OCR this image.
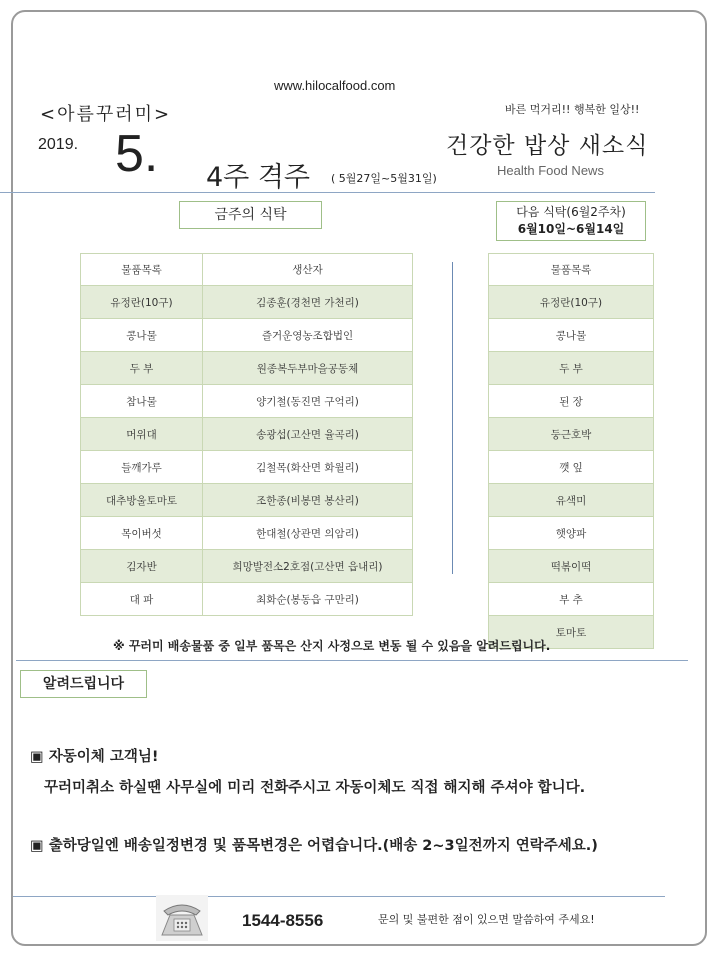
www.hilocalfood.com
<아름꾸러미>	바른 먹거리!! 행복한 일상!!
2019. 5.	건강한 밥상 새소식
Health Food News
4주 격주 ( 5월27일~5월31일)
금주의 식탁	다음 식탁(6월2주차)
6월10일~6월14일
물품목록	생산자
유정란(10구)	김종훈(경천면 가천리)
콩나물	즐거운영농조합법인
두 부	원종복두부마을공동체
참나물	양기철(동진면 구억리)
머위대	송광섭(고산면 율곡리)
들깨가루	김철목(화산면 화월리)
대추방울토마토	조한종(비봉면 봉산리)
목이버섯	한대철(상관면 의암리)
김자반	희망발전소2호점(고산면 읍내리)
대 파	최화순(봉동읍 구만리)
물품목록
유정란(10구)
콩나물
두 부
된 장
둥근호박
깻 잎
유색미
햇양파
떡볶이떡
부 추
토마토
※ 꾸러미 배송물품 중 일부 품목은 산지 사정으로 변동 될 수 있음을 알려드립니다.
알려드립니다
▣ 자동이체 고객님!
꾸러미취소 하실땐 사무실에 미리 전화주시고 자동이체도 직접 해지해 주셔야 합니다.
▣ 출하당일엔 배송일정변경 및 품목변경은 어렵습니다.(배송 2~3일전까지 연락주세요.)
1544-8556	문의 및 불편한 점이 있으면 말씀하여 주세요!
